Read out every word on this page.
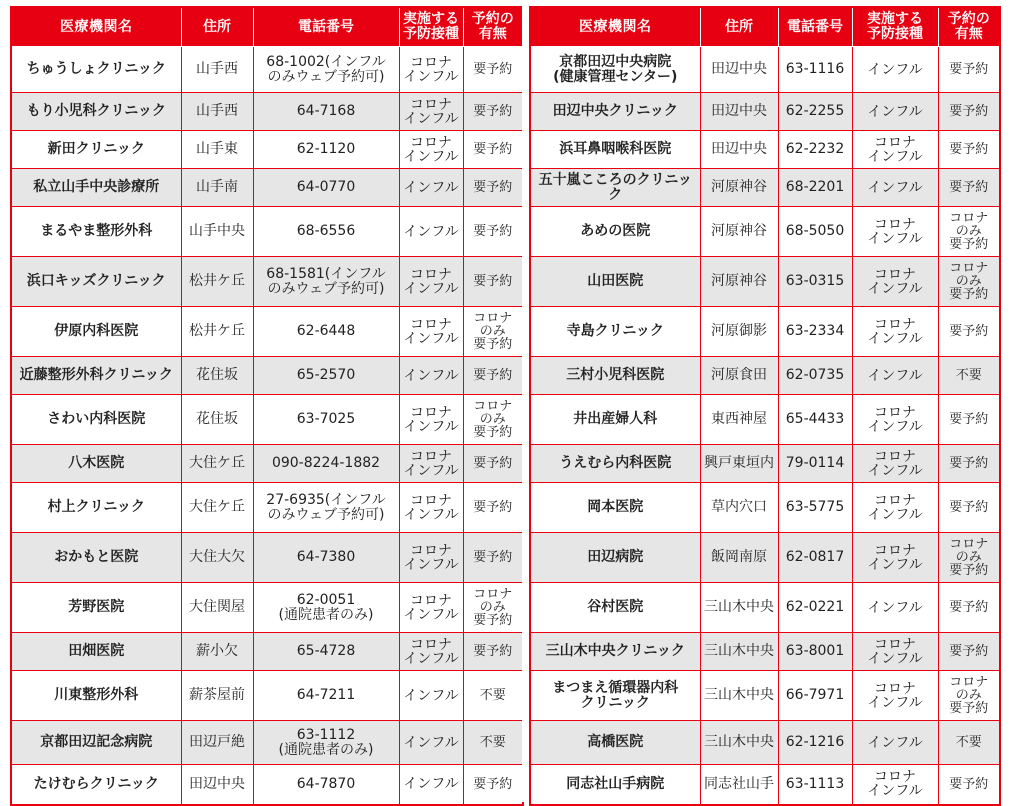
医療機関名	住所	電話番号	実施する
予防接種	予約の
有無
ちゅうしょクリニック	山手西	68-1002(インフル
のみウェブ予約可)	コロナ
インフル	要予約
もり小児科クリニック	山手西	64-7168	コロナ
インフル	要予約
新田クリニック	山手東	62-1120	コロナ
インフル	要予約
私立山手中央診療所	山手南	64-0770	インフル	要予約
まるやま整形外科	山手中央	68-6556	インフル	要予約
浜口キッズクリニック	松井ケ丘	68-1581(インフル
のみウェブ予約可)	コロナ
インフル	要予約
伊原内科医院	松井ケ丘	62-6448	コロナ
インフル	コロナ
のみ
要予約
近藤整形外科クリニック	花住坂	65-2570	インフル	要予約
さわい内科医院	花住坂	63-7025	コロナ
インフル	コロナ
のみ
要予約
八木医院	大住ケ丘	090-8224-1882	コロナ
インフル	要予約
村上クリニック	大住ケ丘	27-6935(インフル
のみウェブ予約可)	コロナ
インフル	要予約
おかもと医院	大住大欠	64-7380	コロナ
インフル	要予約
芳野医院	大住関屋	62-0051
(通院患者のみ)	コロナ
インフル	コロナ
のみ
要予約
田畑医院	薪小欠	65-4728	コロナ
インフル	要予約
川東整形外科	薪茶屋前	64-7211	インフル	不要
京都田辺記念病院	田辺戸絶	63-1112
(通院患者のみ)	インフル	不要
たけむらクリニック	田辺中央	64-7870	インフル	要予約
医療機関名	住所	電話番号	実施する
予防接種	予約の
有無
京都田辺中央病院
(健康管理センター)	田辺中央	63-1116	インフル	要予約
田辺中央クリニック	田辺中央	62-2255	インフル	要予約
浜耳鼻咽喉科医院	田辺中央	62-2232	コロナ
インフル	要予約
五十嵐こころのクリニック	河原神谷	68-2201	インフル	要予約
あめの医院	河原神谷	68-5050	コロナ
インフル	コロナ
のみ
要予約
山田医院	河原神谷	63-0315	コロナ
インフル	コロナ
のみ
要予約
寺島クリニック	河原御影	63-2334	コロナ
インフル	要予約
三村小児科医院	河原食田	62-0735	インフル	不要
井出産婦人科	東西神屋	65-4433	コロナ
インフル	要予約
うえむら内科医院	興戸東垣内	79-0114	コロナ
インフル	要予約
岡本医院	草内穴口	63-5775	コロナ
インフル	要予約
田辺病院	飯岡南原	62-0817	コロナ
インフル	コロナ
のみ
要予約
谷村医院	三山木中央	62-0221	インフル	要予約
三山木中央クリニック	三山木中央	63-8001	コロナ
インフル	要予約
まつまえ循環器内科
クリニック	三山木中央	66-7971	コロナ
インフル	コロナ
のみ
要予約
高橋医院	三山木中央	62-1216	インフル	不要
同志社山手病院	同志社山手	63-1113	コロナ
インフル	要予約
